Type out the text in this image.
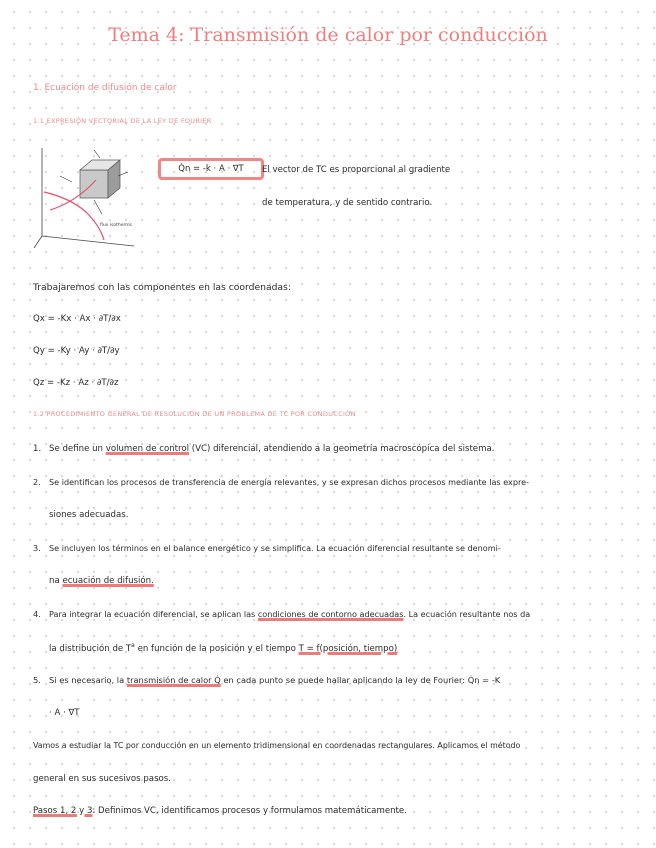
Tema 4: Transmisión de calor por conducción
1. Ecuación de difusión de calor
1.1 EXPRESIÓN VECTORIAL DE LA LEY DE FOURIER
flux isotherms
Q̇n = -k · A · ∇T	El vector de TC es proporcional al gradiente
de temperatura, y de sentido contrario.
Trabajaremos con las componentes en las coordenadas:
Qx = -Kx · Ax · ∂T/∂x
Qy = -Ky · Ay · ∂T/∂y
Qz = -Kz · Az · ∂T/∂z
1.2 PROCEDIMIENTO GENERAL DE RESOLUCIÓN DE UN PROBLEMA DE TC POR CONDUCCIÓN
1. Se define un volumen de control (VC) diferencial, atendiendo a la geometría macroscópica del sistema.
2. Se identifican los procesos de transferencia de energía relevantes, y se expresan dichos procesos mediante las expre-
siones adecuadas.
3. Se incluyen los términos en el balance energético y se simplifica. La ecuación diferencial resultante se denomi-
na ecuación de difusión.
4. Para integrar la ecuación diferencial, se aplican las condiciones de contorno adecuadas. La ecuación resultante nos da
la distribución de $T^a$ en función de la posición y el tiempo T = f(posición, tiempo)
5. Si es necesario, la transmisión de calor Q̇ en cada punto se puede hallar aplicando la ley de Fourier: Q̇n = -K
· A · ∇T
Vamos a estudiar la TC por conducción en un elemento tridimensional en coordenadas rectangulares. Aplicamos el método
general en sus sucesivos pasos.
Pasos 1, 2 y 3: Definimos VC, identificamos procesos y formulamos matemáticamente.
